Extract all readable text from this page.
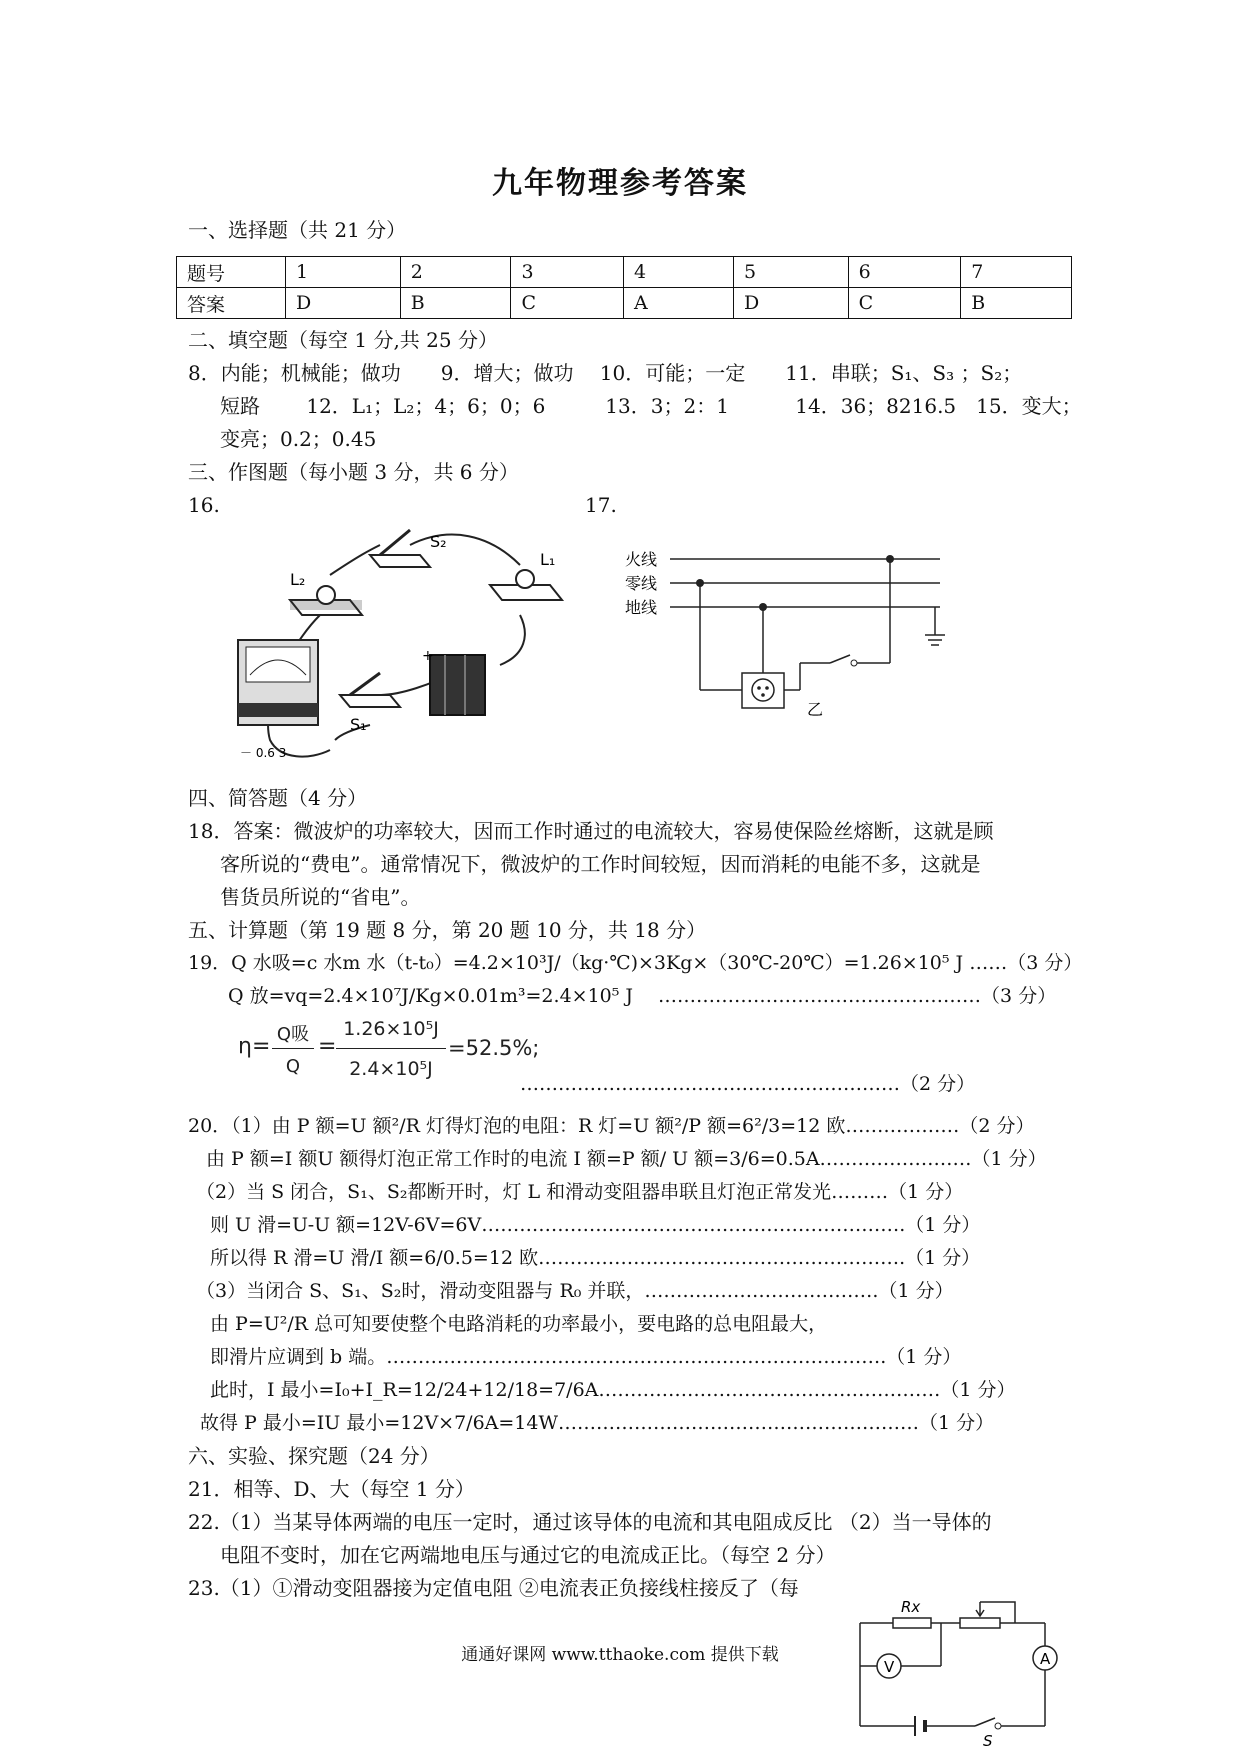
九年物理参考答案
一、选择题（共 21 分）
题号	1	2	3	4	5	6	7
答案	D	B	C	A	D	C	B
二、填空题（每空 1 分,共 25 分）
8．内能；机械能；做功　　9．增大；做功　 10．可能；一定　　11．串联；S₁、S₃ ；S₂；
短路　　 12．L₁；L₂；4；6；0；6　　　13．3；2：1　　　 14．36；8216.5　15．变大；
变亮；0.2；0.45
三、作图题（每小题 3 分，共 6 分）
16.	17.
L₂
L₁
S₂
S₁
+
－ 0.6 3
火线
零线
地线
乙
四、简答题（4 分）
18．答案：微波炉的功率较大，因而工作时通过的电流较大，容易使保险丝熔断，这就是顾
客所说的“费电”。通常情况下，微波炉的工作时间较短，因而消耗的电能不多，这就是
售货员所说的“省电”。
五、计算题（第 19 题 8 分，第 20 题 10 分，共 18 分）
19．Q 水吸=c 水m 水（t-t₀）=4.2×10³J/（kg·℃)×3Kg×（30℃-20℃）=1.26×10⁵ J ……（3 分）
Q 放=vq=2.4×10⁷J/Kg×0.01m³=2.4×10⁵ J　 ……………………………………………（3 分）
η= Q吸
Q
=
1.26×10⁵J
2.4×10⁵J
=52.5%;
……………………………………………………（2 分）
20．（1）由 P 额=U 额²/R 灯得灯泡的电阻：R 灯=U 额²/P 额=6²/3=12 欧………………（2 分）
由 P 额=I 额U 额得灯泡正常工作时的电流 I 额=P 额/ U 额=3/6=0.5A……………………（1 分）
（2）当 S 闭合，S₁、S₂都断开时，灯 L 和滑动变阻器串联且灯泡正常发光………（1 分）
则 U 滑=U-U 额=12V-6V=6V………………………………………………………….（1 分）
所以得 R 滑=U 滑/I 额=6/0.5=12 欧………………………………………………….（1 分）
（3）当闭合 S、S₁、S₂时，滑动变阻器与 R₀ 并联，……………………………….（1 分）
由 P=U²/R 总可知要使整个电路消耗的功率最小，要电路的总电阻最大，
即滑片应调到 b 端。…………………………………………………………………….（1 分）
此时，I 最小=I₀+I_R=12/24+12/18=7/6A………………………………………………（1 分）
故得 P 最小=IU 最小=12V×7/6A=14W…………………………………………………（1 分）
六、实验、探究题（24 分）
21．相等、D、大（每空 1 分）
22.（1）当某导体两端的电压一定时，通过该导体的电流和其电阻成反比 （2）当一导体的
电阻不变时，加在它两端地电压与通过它的电流成正比。（每空 2 分）
23.（1）①滑动变阻器接为定值电阻 ②电流表正负接线柱接反了（每
V	A
Rx
S
通通好课网 www.tthaoke.com 提供下载
